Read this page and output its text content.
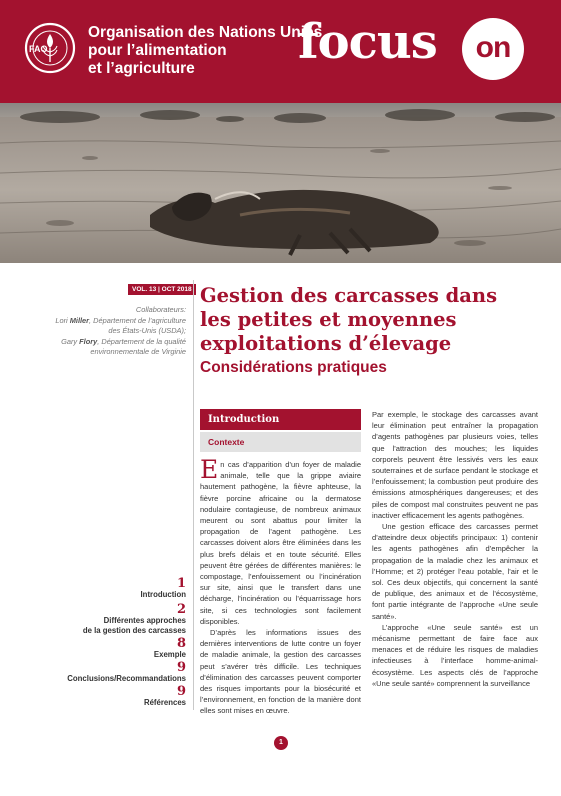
FAO
Organisation des Nations Unies
pour l’alimentation
et l’agriculture	focus	on
VOL. 13 | OCT 2018
Collaborateurs:
Lori Miller, Département de l’agriculture
des États-Unis (USDA);
Gary Flory, Département de la qualité
environnementale de Virginie
Gestion des carcasses dans
les petites et moyennes
exploitations d’élevage
Considérations pratiques
1
Introduction
2
Différentes approches
de la gestion des carcasses
8
Exemple
9
Conclusions/Recommandations
9
Références
Introduction
Contexte

En cas d’apparition d’un foyer de maladie animale, telle que la grippe aviaire hautement pathogène, la fièvre aphteuse, la fièvre porcine africaine ou la dermatose nodulaire contagieuse, de nombreux animaux meurent ou sont abattus pour limiter la propagation de l’agent pathogène. Les carcasses doivent alors être éliminées dans les plus brefs délais et en toute sécurité. Elles peuvent être gérées de différentes manières: le compostage, l’enfouissement ou l’incinération sur site, ainsi que le transfert dans une décharge, l’incinération ou l’équarrissage hors site, si ces technologies sont facilement disponibles.

D’après les informations issues des dernières interventions de lutte contre un foyer de maladie animale, la gestion des carcasses peut s’avérer très difficile. Les techniques d’élimination des carcasses peuvent comporter des risques importants pour la biosécurité et l’environnement, en fonction de la manière dont elles sont mises en œuvre.

Par exemple, le stockage des carcasses avant leur élimination peut entraîner la propagation d’agents pathogènes par plusieurs voies, telles que l’attraction des mouches; les liquides corporels peuvent être lessivés vers les eaux souterraines et de surface pendant le stockage et l’enfouissement; la combustion peut produire des émissions atmosphériques dangereuses; et des piles de compost mal construites peuvent ne pas inactiver efficacement les agents pathogènes.

Une gestion efficace des carcasses permet d’atteindre deux objectifs principaux: 1) contenir les agents pathogènes afin d’empêcher la propagation de la maladie chez les animaux et l’Homme; et 2) protéger l’eau potable, l’air et le sol. Ces deux objectifs, qui concernent la santé de publique, des animaux et de l’écosystème, font partie intégrante de l’approche «Une seule santé».

L’approche «Une seule santé» est un mécanisme permettant de faire face aux menaces et de réduire les risques de maladies infectieuses à l’interface homme-animal-écosystème. Les aspects clés de l’approche «Une seule santé» comprennent la surveillance

1
